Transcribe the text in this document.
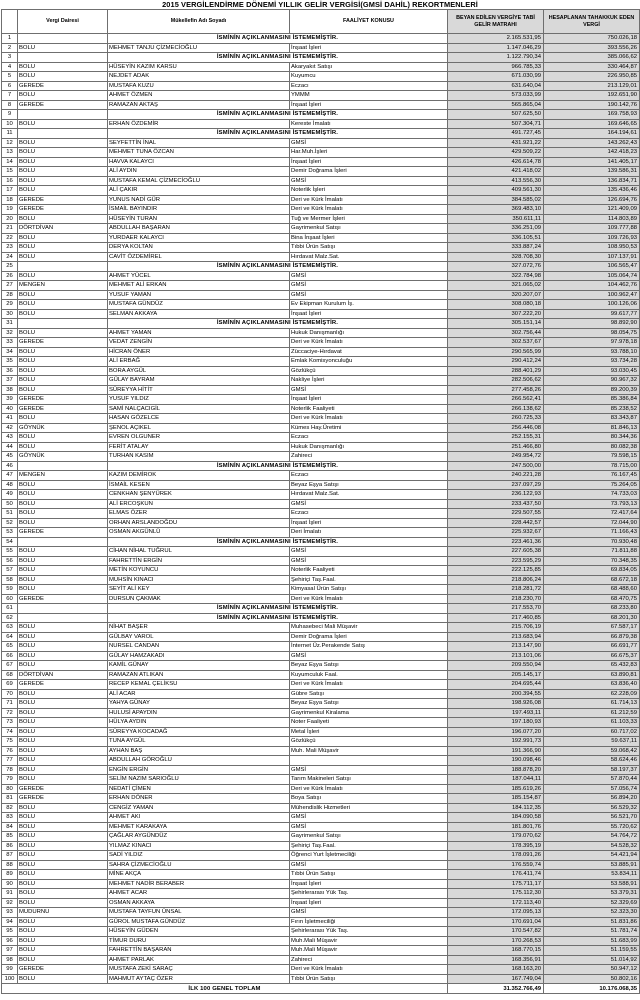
2015 VERGİLENDİRME DÖNEMİ YILLIK GELİR VERGİSİ(GMSİ DAHİL) REKORTMENLERİ
	Vergi Dairesi	Mükellefin Adı Soyadı	FAALİYET KONUSU	BEYAN EDİLEN VERGİYE TABİ GELİR MATRAHI	HESAPLANAN TAHAKKUK EDEN VERGİ
1		İSMİNİN AÇIKLANMASINI İSTEMEMİŞTİR.		2.165.531,95	750.026,18
2	BOLU	MEHMET TANJU ÇİZMECİOĞLU	İnşaat İşleri	1.147.046,29	393.556,26
3		İSMİNİN AÇIKLANMASINI İSTEMEMİŞTİR.		1.122.790,34	385.066,62
4	BOLU	HÜSEYİN KAZIM KARSU	Akaryakıt Satışı	966.785,33	330.464,87
5	BOLU	NEJDET ADAK	Kuyumcu	671.030,99	226.950,85
6	GEREDE	MUSTAFA KUZU	Eczacı	631.640,04	213.129,01
7	BOLU	AHMET ÖZMEN	YMMM	573.033,99	192.651,90
8	GEREDE	RAMAZAN AKTAŞ	İnşaat İşleri	565.865,04	190.142,76
9		İSMİNİN AÇIKLANMASINI İSTEMEMİŞTİR.		507.625,50	169.758,93
10	BOLU	ERHAN ÖZDEMİR	Kereste İmalatı	507.304,71	169.646,65
11		İSMİNİN AÇIKLANMASINI İSTEMEMİŞTİR.		491.727,45	164.194,61
12	BOLU	SEYFETTİN İNAL	GMSİ	431.921,22	143.262,43
13	BOLU	MEHMET TUNA ÖZCAN	Har.Muh.İşleri	429.509,22	142.418,23
14	BOLU	HAVVA KALAYCI	İnşaat İşleri	426.614,78	141.405,17
15	BOLU	ALİ AYDIN	Demir Doğrama İşleri	421.418,02	139.586,31
16	BOLU	MUSTAFA KEMAL ÇİZMECİOĞLU	GMSİ	413.556,30	136.834,71
17	BOLU	ALİ ÇAKIR	Noterlik İşleri	409.561,30	135.436,46
18	GEREDE	YUNUS NADİ GÜR	Deri ve Kürk İmalatı	384.585,02	126.694,76
19	GEREDE	İSMAİL BAYINDIR	Deri ve Kürk İmalatı	369.483,10	121.409,09
20	BOLU	HÜSEYİN TURAN	Tuğ ve Mermer İşleri	350.611,11	114.803,89
21	DÖRTDİVAN	ABDULLAH BAŞARAN	Gayrimenkul Satışı	336.251,09	109.777,88
22	BOLU	YURDAER KALAYCI	Bina İnşaat İşleri	336.105,51	109.726,93
23	BOLU	DERYA KOLTAN	Tıbbi Ürün Satışı	333.887,24	108.950,53
24	BOLU	CAVİT ÖZDEMİREL	Hırdavat Malz.Sat.	328.708,30	107.137,91
25		İSMİNİN AÇIKLANMASINI İSTEMEMİŞTİR.		327.072,76	106.565,47
26	BOLU	AHMET YÜCEL	GMSİ	322.784,98	105.064,74
27	MENGEN	MEHMET ALİ ERKAN	GMSİ	321.065,02	104.462,76
28	BOLU	YUSUF YAMAN	GMSİ	320.207,07	100.962,47
29	BOLU	MUSTAFA GÜNDÜZ	Ev Ekipman Kurulum İş.	308.080,18	100.126,06
30	BOLU	SELMAN AKKAYA	İnşaat İşleri	307.222,20	99.617,77
31		İSMİNİN AÇIKLANMASINI İSTEMEMİŞTİR.		305.151,14	98.892,90
32	BOLU	AHMET YAMAN	Hukuk Danışmanlığı	302.756,44	98.054,75
33	GEREDE	VEDAT ZENGİN	Deri ve Kürk İmalatı	302.537,67	97.978,18
34	BOLU	HİCRAN ÖNER	Züccaciye-Hırdavat	290.565,99	93.788,10
35	BOLU	ALİ ERBAĞ	Emlak Komisyonculuğu	290.412,24	93.734,28
36	BOLU	BORA AYGÜL	Gözlükçü	288.401,29	93.030,45
37	BOLU	GÜLAY BAYRAM	Nakliye İşleri	282.506,62	90.967,32
38	BOLU	SÜREYYA HİTİT	GMSİ	277.458,26	89.200,39
39	GEREDE	YUSUF YILDIZ	İnşaat İşleri	266.562,41	85.386,84
40	GEREDE	SAMİ NALÇACIGİL	Noterlik Faaliyeti	266.138,62	85.238,52
41	BOLU	HASAN GÖZELCE	Deri ve Kürk İmalatı	260.725,33	83.343,87
42	GÖYNÜK	ŞENOL AÇIKEL	Kümes Hay.Üretimi	256.446,08	81.846,13
43	BOLU	EVREN OLGUNER	Eczacı	252.155,31	80.344,36
44	BOLU	FERİT ATALAY	Hukuk Danışmanlığı	251.466,80	80.082,38
45	GÖYNÜK	TURHAN KASIM	Zahireci	249.954,72	79.598,15
46		İSMİNİN AÇIKLANMASINI İSTEMEMİŞTİR.		247.500,00	78.715,00
47	MENGEN	KAZIM DEMİROK	Eczacı	240.221,28	76.167,45
48	BOLU	İSMAİL KESEN	Beyaz Eşya Satışı	237.097,29	75.264,05
49	BOLU	CENKHAN ŞENYÜREK	Hırdavat Malz.Sat.	236.122,93	74.733,03
50	BOLU	ALİ ERCOŞKUN	GMSİ	233.437,50	73.793,13
51	BOLU	ELMAS ÖZER	Eczacı	229.507,55	72.417,64
52	BOLU	ORHAN ARSLANDOĞDU	İnşaat İşleri	228.442,57	72.044,90
53	GEREDE	OSMAN AKGÜNLÜ	Deri İmalatı	225.932,67	71.166,43
54		İSMİNİN AÇIKLANMASINI İSTEMEMİŞTİR.		223.461,36	70.930,48
55	BOLU	CİHAN NİHAL TUĞRUL	GMSİ	227.605,38	71.811,88
56	BOLU	FAHRETTİN ERGİN	GMSİ	223.595,29	70.348,35
57	BOLU	METİN KOYUNCU	Noterlik Faaliyeti	222.125,85	69.834,05
58	BOLU	MUHSİN KINACI	Şehiriçi Taş.Faal.	218.806,24	68.672,18
59	BOLU	SEYİT ALİ KEY	Kimyasal Ürün Satışı	218.281,72	68.488,60
60	GEREDE	DURSUN ÇAKMAK	Deri ve Kürk İmalatı	218.230,70	68.470,75
61		İSMİNİN AÇIKLANMASINI İSTEMEMİŞTİR.		217.553,70	68.233,80
62		İSMİNİN AÇIKLANMASINI İSTEMEMİŞTİR.		217.460,85	68.201,30
63	BOLU	NİHAT BAŞER	Muhasebeci Mali Müşavir	215.706,19	67.587,17
64	BOLU	GÜLBAY VAROL	Demir Doğrama İşleri	213.683,94	66.879,38
65	BOLU	NURSEL CANDAN	İnternet Üz.Perakende Satış	213.147,90	66.691,77
66	BOLU	GÜLAY HAMZAKADI	GMSİ	213.101,06	66.675,37
67	BOLU	KAMİL GÜNAY	Beyaz Eşya Satışı	209.550,94	65.432,83
68	DÖRTDİVAN	RAMAZAN ATLIKAN	Kuyumculuk Faal.	205.145,17	63.890,81
69	GEREDE	RECEP KEMAL ÇELİKSU	Deri ve Kürk İmalatı	204.695,44	63.836,40
70	BOLU	ALİ ACAR	Gübre Satışı	200.394,55	62.228,09
71	BOLU	YAHYA GÜNAY	Beyaz Eşya Satışı	198.926,08	61.714,13
72	BOLU	HULUSİ APAYDIN	Gayrimenkul Kiralama	197.493,11	61.212,59
73	BOLU	HÜLYA AYDIN	Noter Faaliyeti	197.180,93	61.103,33
74	BOLU	SÜREYYA KOCADAĞ	Metal İşleri	196.077,20	60.717,02
75	BOLU	TUNA AYGÜL	Gözlükçü	192.991,73	59.637,11
76	BOLU	AYHAN BAŞ	Muh. Mali Müşavir	191.366,90	59.068,42
77	BOLU	ABDULLAH GÖROĞLU		190.098,46	58.624,46
78	BOLU	ENGİN ERGİN	GMSİ	188.878,20	58.197,37
79	BOLU	SELİM NAZIM SARIOĞLU	Tarım Makineleri Satışı	187.044,11	57.870,44
80	GEREDE	NEDATİ ÇİMEN	Deri ve Kürk İmalatı	185.619,26	57.056,74
81	GEREDE	ERHAN DÖNER	Boya Satışı	185.154,87	56.894,20
82	BOLU	CENGİZ YAMAN	Mühendislik Hizmetleri	184.112,35	56.529,32
83	BOLU	AHMET AKI	GMSİ	184.090,58	56.521,70
84	BOLU	MEHMET KARAKAYA	GMSİ	181.801,76	55.720,62
85	BOLU	ÇAĞLAR AYGÜNDÜZ	Gayrimenkul Satışı	179.070,62	54.764,72
86	BOLU	YILMAZ KINACI	Şehiriçi Taş.Faal.	178.395,19	54.528,32
87	BOLU	SADİ YILDIZ	Öğrenci Yurt İşletmeciliği	178.091,26	54.421,94
88	BOLU	SAHRA ÇİZMECİOĞLU	GMSİ	176.559,74	53.885,91
89	BOLU	MİNE AKÇA	Tıbbi Ürün Satışı	176.411,74	53.834,11
90	BOLU	MEHMET NADİR BERABER	İnşaat İşleri	175.711,17	53.588,91
91	BOLU	AHMET ACAR	Şehirlerarası Yük Taş.	175.112,30	53.379,31
92	BOLU	OSMAN AKKAYA	İnşaat İşleri	172.113,40	52.329,69
93	MUDURNU	MUSTAFA TAYFUN ÜNSAL	GMSİ	172.095,13	52.323,30
94	BOLU	GÜROL MUSTAFA GÜNDÜZ	Fırın İşletmeciliği	170.691,04	51.831,86
95	BOLU	HÜSEYİN GÜDEN	Şehirlerarası Yük Taş.	170.547,82	51.781,74
96	BOLU	TİMUR DURU	Muh.Mali Müşavir	170.268,53	51.683,99
97	BOLU	FAHRETTİN BAŞARAN	Muh.Mali Müşavir	168.770,15	51.159,55
98	BOLU	AHMET PARLAK	Zahireci	168.356,91	51.014,92
99	GEREDE	MUSTAFA ZEKİ SARAÇ	Deri ve Kürk İmalatı	168.163,20	50.947,12
100	BOLU	MAHMUT AYTAÇ ÖZER	Tıbbi Ürün Satışı	167.749,04	50.802,16
İLK 100 GENEL TOPLAM				31.352.766,49	10.176.068,35
